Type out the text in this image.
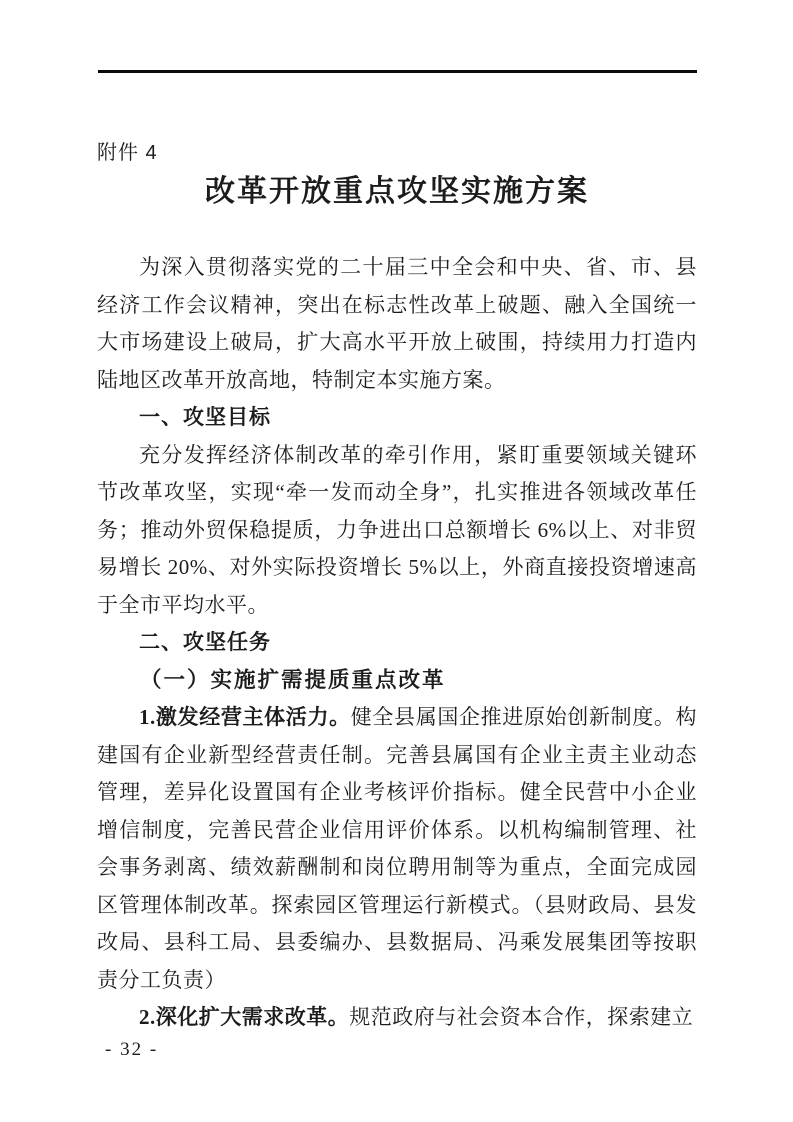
附件 4
改革开放重点攻坚实施方案

为深入贯彻落实党的二十届三中全会和中央、省、市、县经济工作会议精神，突出在标志性改革上破题、融入全国统一大市场建设上破局，扩大高水平开放上破围，持续用力打造内陆地区改革开放高地，特制定本实施方案。

一、攻坚目标

充分发挥经济体制改革的牵引作用，紧盯重要领域关键环节改革攻坚，实现“牵一发而动全身”，扎实推进各领域改革任务；推动外贸保稳提质，力争进出口总额增长 6%以上、对非贸易增长 20%、对外实际投资增长 5%以上，外商直接投资增速高于全市平均水平。

二、攻坚任务

（一）实施扩需提质重点改革

1.激发经营主体活力。健全县属国企推进原始创新制度。构建国有企业新型经营责任制。完善县属国有企业主责主业动态管理，差异化设置国有企业考核评价指标。健全民营中小企业增信制度，完善民营企业信用评价体系。以机构编制管理、社会事务剥离、绩效薪酬制和岗位聘用制等为重点，全面完成园区管理体制改革。探索园区管理运行新模式。（县财政局、县发改局、县科工局、县委编办、县数据局、冯乘发展集团等按职责分工负责）

2.深化扩大需求改革。规范政府与社会资本合作，探索建立

- 32 -
